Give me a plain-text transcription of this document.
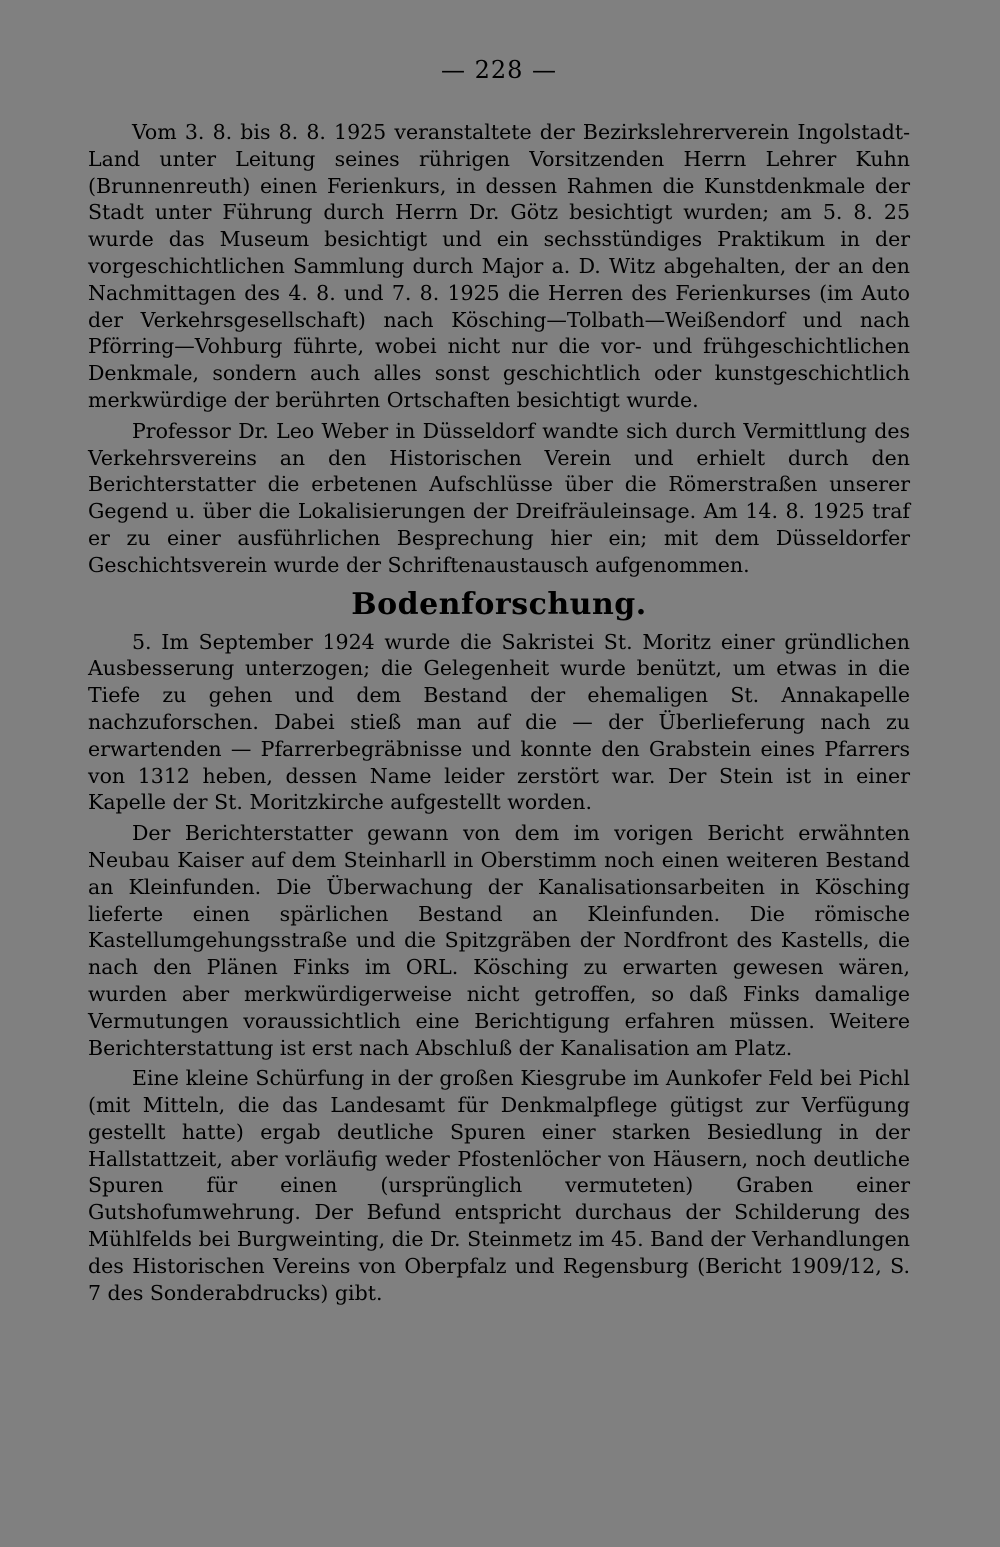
— 228 —

Vom 3. 8. bis 8. 8. 1925 veranstaltete der Bezirkslehrerverein Ingolstadt-Land unter Leitung seines rührigen Vorsitzenden Herrn Lehrer Kuhn (Brunnenreuth) einen Ferienkurs, in dessen Rahmen die Kunstdenkmale der Stadt unter Führung durch Herrn Dr. Götz besichtigt wurden; am 5. 8. 25 wurde das Museum besichtigt und ein sechsstündiges Praktikum in der vorgeschichtlichen Sammlung durch Major a. D. Witz abgehalten, der an den Nachmittagen des 4. 8. und 7. 8. 1925 die Herren des Ferienkurses (im Auto der Verkehrsgesellschaft) nach Kösching—Tolbath—Weißendorf und nach Pförring—Vohburg führte, wobei nicht nur die vor- und frühgeschichtlichen Denkmale, sondern auch alles sonst geschichtlich oder kunstgeschichtlich merkwürdige der berührten Ortschaften besichtigt wurde.

Professor Dr. Leo Weber in Düsseldorf wandte sich durch Vermittlung des Verkehrsvereins an den Historischen Verein und erhielt durch den Berichterstatter die erbetenen Aufschlüsse über die Römerstraßen unserer Gegend u. über die Lokalisierungen der Dreifräuleinsage. Am 14. 8. 1925 traf er zu einer ausführlichen Besprechung hier ein; mit dem Düsseldorfer Geschichtsverein wurde der Schriftenaustausch aufgenommen.

Bodenforschung.

5. Im September 1924 wurde die Sakristei St. Moritz einer gründlichen Ausbesserung unterzogen; die Gelegenheit wurde benützt, um etwas in die Tiefe zu gehen und dem Bestand der ehemaligen St. Annakapelle nachzuforschen. Dabei stieß man auf die — der Überlieferung nach zu erwartenden — Pfarrerbegräbnisse und konnte den Grabstein eines Pfarrers von 1312 heben, dessen Name leider zerstört war. Der Stein ist in einer Kapelle der St. Moritzkirche aufgestellt worden.

Der Berichterstatter gewann von dem im vorigen Bericht erwähnten Neubau Kaiser auf dem Steinharll in Oberstimm noch einen weiteren Bestand an Kleinfunden. Die Überwachung der Kanalisationsarbeiten in Kösching lieferte einen spärlichen Bestand an Kleinfunden. Die römische Kastellumgehungsstraße und die Spitzgräben der Nordfront des Kastells, die nach den Plänen Finks im ORL. Kösching zu erwarten gewesen wären, wurden aber merkwürdigerweise nicht getroffen, so daß Finks damalige Vermutungen voraussichtlich eine Berichtigung erfahren müssen. Weitere Berichterstattung ist erst nach Abschluß der Kanalisation am Platz.

Eine kleine Schürfung in der großen Kiesgrube im Aunkofer Feld bei Pichl (mit Mitteln, die das Landesamt für Denkmalpflege gütigst zur Verfügung gestellt hatte) ergab deutliche Spuren einer starken Besiedlung in der Hallstattzeit, aber vorläufig weder Pfostenlöcher von Häusern, noch deutliche Spuren für einen (ursprünglich vermuteten) Graben einer Gutshofumwehrung. Der Befund entspricht durchaus der Schilderung des Mühlfelds bei Burgweinting, die Dr. Steinmetz im 45. Band der Verhandlungen des Historischen Vereins von Oberpfalz und Regensburg (Bericht 1909/12, S. 7 des Sonderabdrucks) gibt.
